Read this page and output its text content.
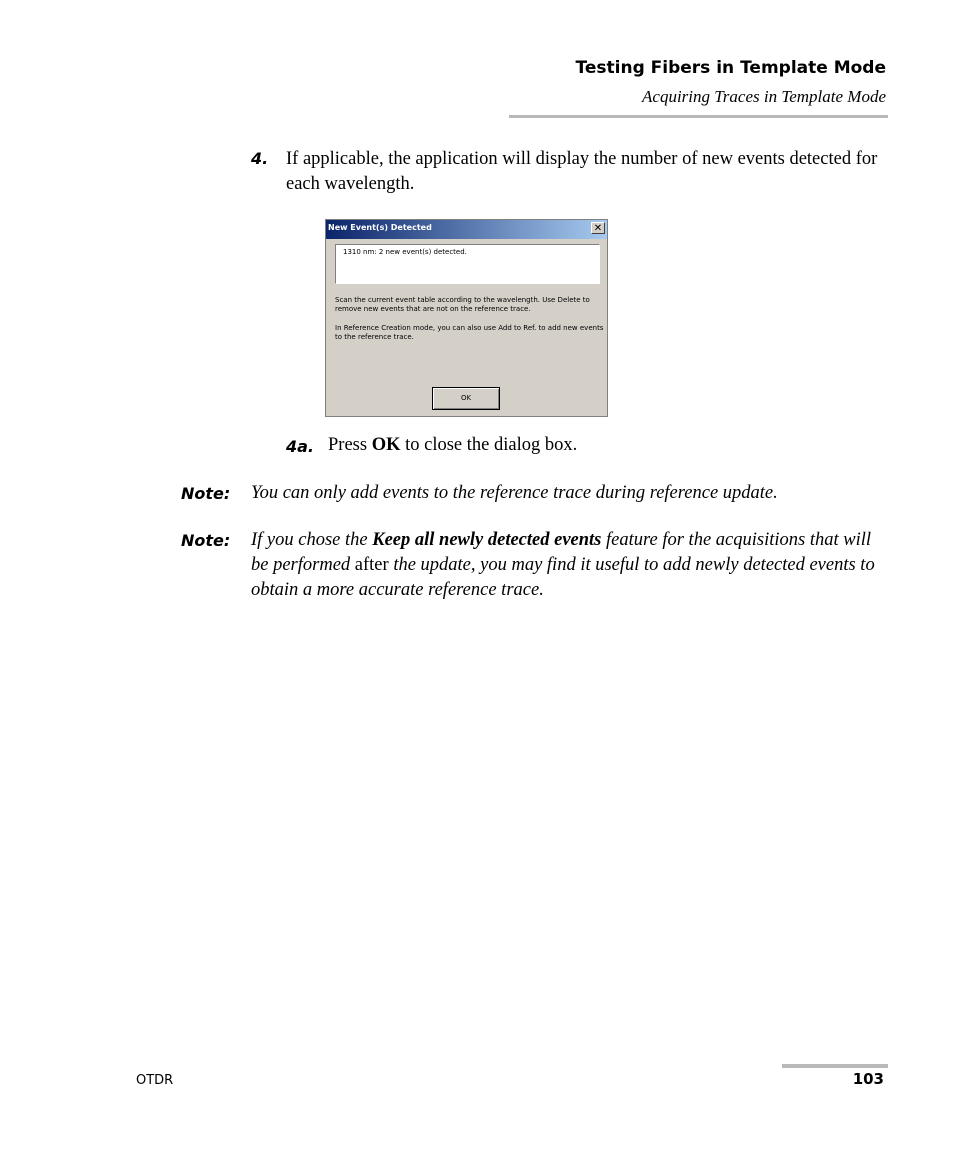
Testing Fibers in Template Mode
Acquiring Traces in Template Mode
4. If applicable, the application will display the number of new events detected for each wavelength.
New Event(s) Detected	✕
1310 nm: 2 new event(s) detected.
Scan the current event table according to the wavelength. Use Delete to remove new events that are not on the reference trace.
In Reference Creation mode, you can also use Add to Ref. to add new events to the reference trace.
OK
4a. Press OK to close the dialog box.
Note: You can only add events to the reference trace during reference update.
Note: If you chose the Keep all newly detected events feature for the acquisitions that will be performed after the update, you may find it useful to add newly detected events to obtain a more accurate reference trace.
OTDR	103
